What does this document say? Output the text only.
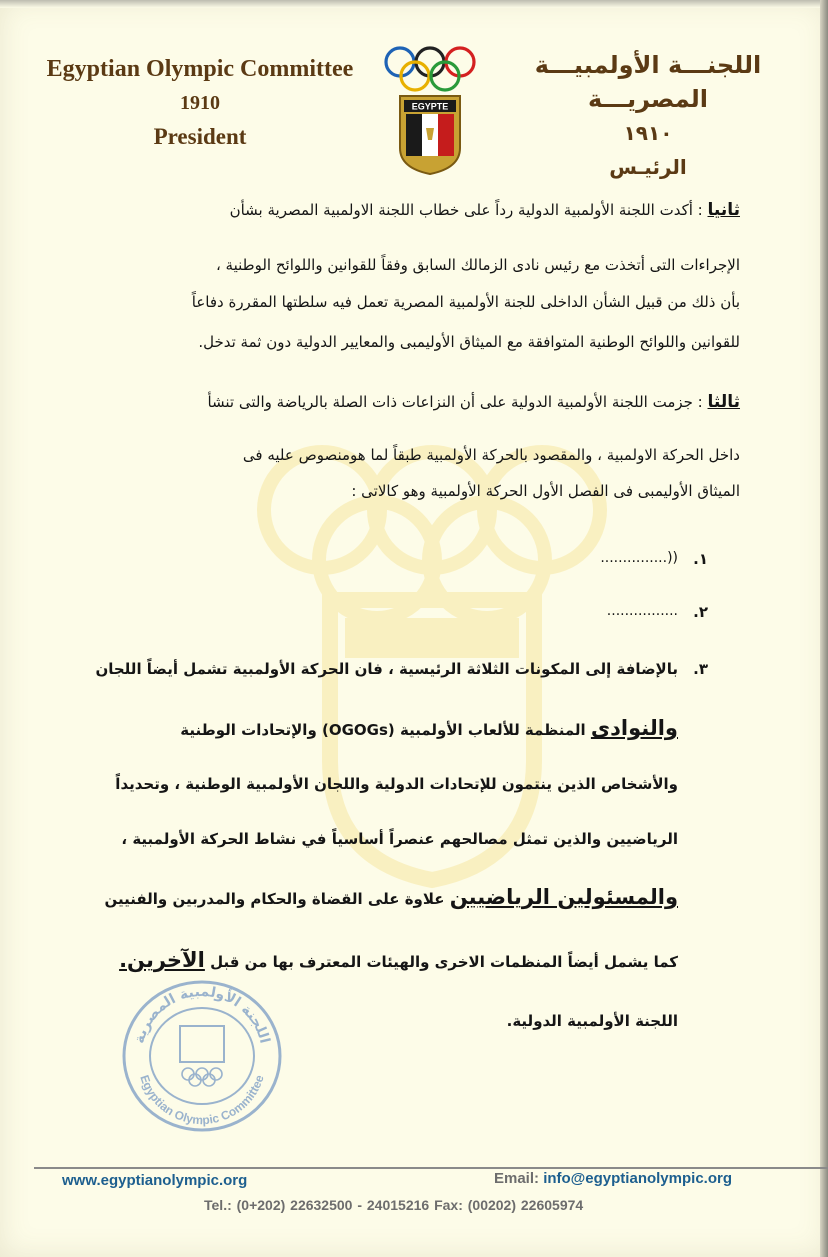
Egyptian Olympic Committee
1910
President
EGYPTE
اللجنـــة الأولمبيـــة المصريـــة
١٩١٠
الرئيـس
ثانيا : أكدت اللجنة الأولمبية الدولية رداً على خطاب اللجنة الاولمبية المصرية بشأن
الإجراءات التى أتخذت مع رئيس نادى الزمالك السابق وفقاً للقوانين واللوائح الوطنية ،
بأن ذلك من قبيل الشأن الداخلى للجنة الأولمبية المصرية تعمل فيه سلطتها المقررة دفاعاً
للقوانين واللوائح الوطنية المتوافقة مع الميثاق الأوليمبى والمعايير الدولية دون ثمة تدخل.
ثالثا : جزمت اللجنة الأولمبية الدولية على أن النزاعات ذات الصلة بالرياضة والتى تنشأ
داخل الحركة الاولمبية ، والمقصود بالحركة الأولمبية طبقاً لما هومنصوص عليه فى
الميثاق الأوليمبى فى الفصل الأول الحركة الأولمبية وهو كالاتى :
.١
((...............
.٢
................
.٣
بالإضافة إلى المكونات الثلاثة الرئيسية ، فان الحركة الأولمبية تشمل أيضاً اللجان
والنوادى المنظمة للألعاب الأولمبية (OGOGs) والإتحادات الوطنية
والأشخاص الذين ينتمون للإتحادات الدولية واللجان الأولمبية الوطنية ، وتحديداً
الرياضيين والذين تمثل مصالحهم عنصراً أساسياً في نشاط الحركة الأولمبية ،
والمسئولين الرياضيين علاوة على القضاة والحكام والمدربين والفنيين
كما يشمل أيضاً المنظمات الاخرى والهيئات المعترف بها من قبل الآخرين.
اللجنة الأولمبية الدولية.
اللجنة الأولمبية المصرية
Egyptian Olympic Committee
www.egyptianolympic.org	Email: info@egyptianolympic.org
Tel.: (0+202) 22632500 - 24015216 Fax: (00202) 22605974
